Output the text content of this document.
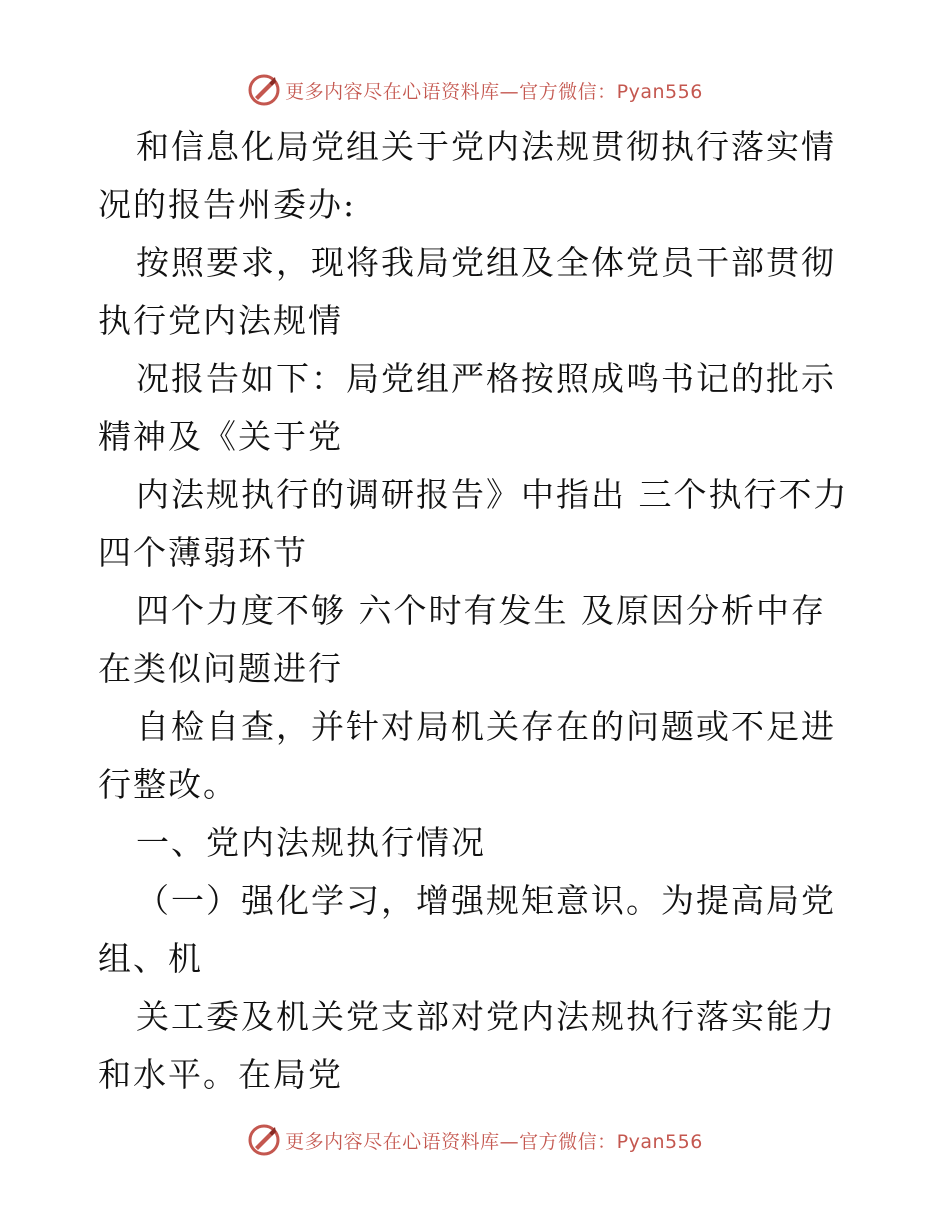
更多内容尽在心语资料库—官方微信：Pyan556

和信息化局党组关于党内法规贯彻执行落实情况的报告州委办:

按照要求，现将我局党组及全体党员干部贯彻执行党内法规情

况报告如下：局党组严格按照成鸣书记的批示精神及《关于党

内法规执行的调研报告》中指出 三个执行不力 四个薄弱环节

四个力度不够 六个时有发生 及原因分析中存在类似问题进行

自检自查，并针对局机关存在的问题或不足进行整改。

一、党内法规执行情况

（一）强化学习，增强规矩意识。为提高局党组、机

关工委及机关党支部对党内法规执行落实能力和水平。在局党

更多内容尽在心语资料库—官方微信：Pyan556
